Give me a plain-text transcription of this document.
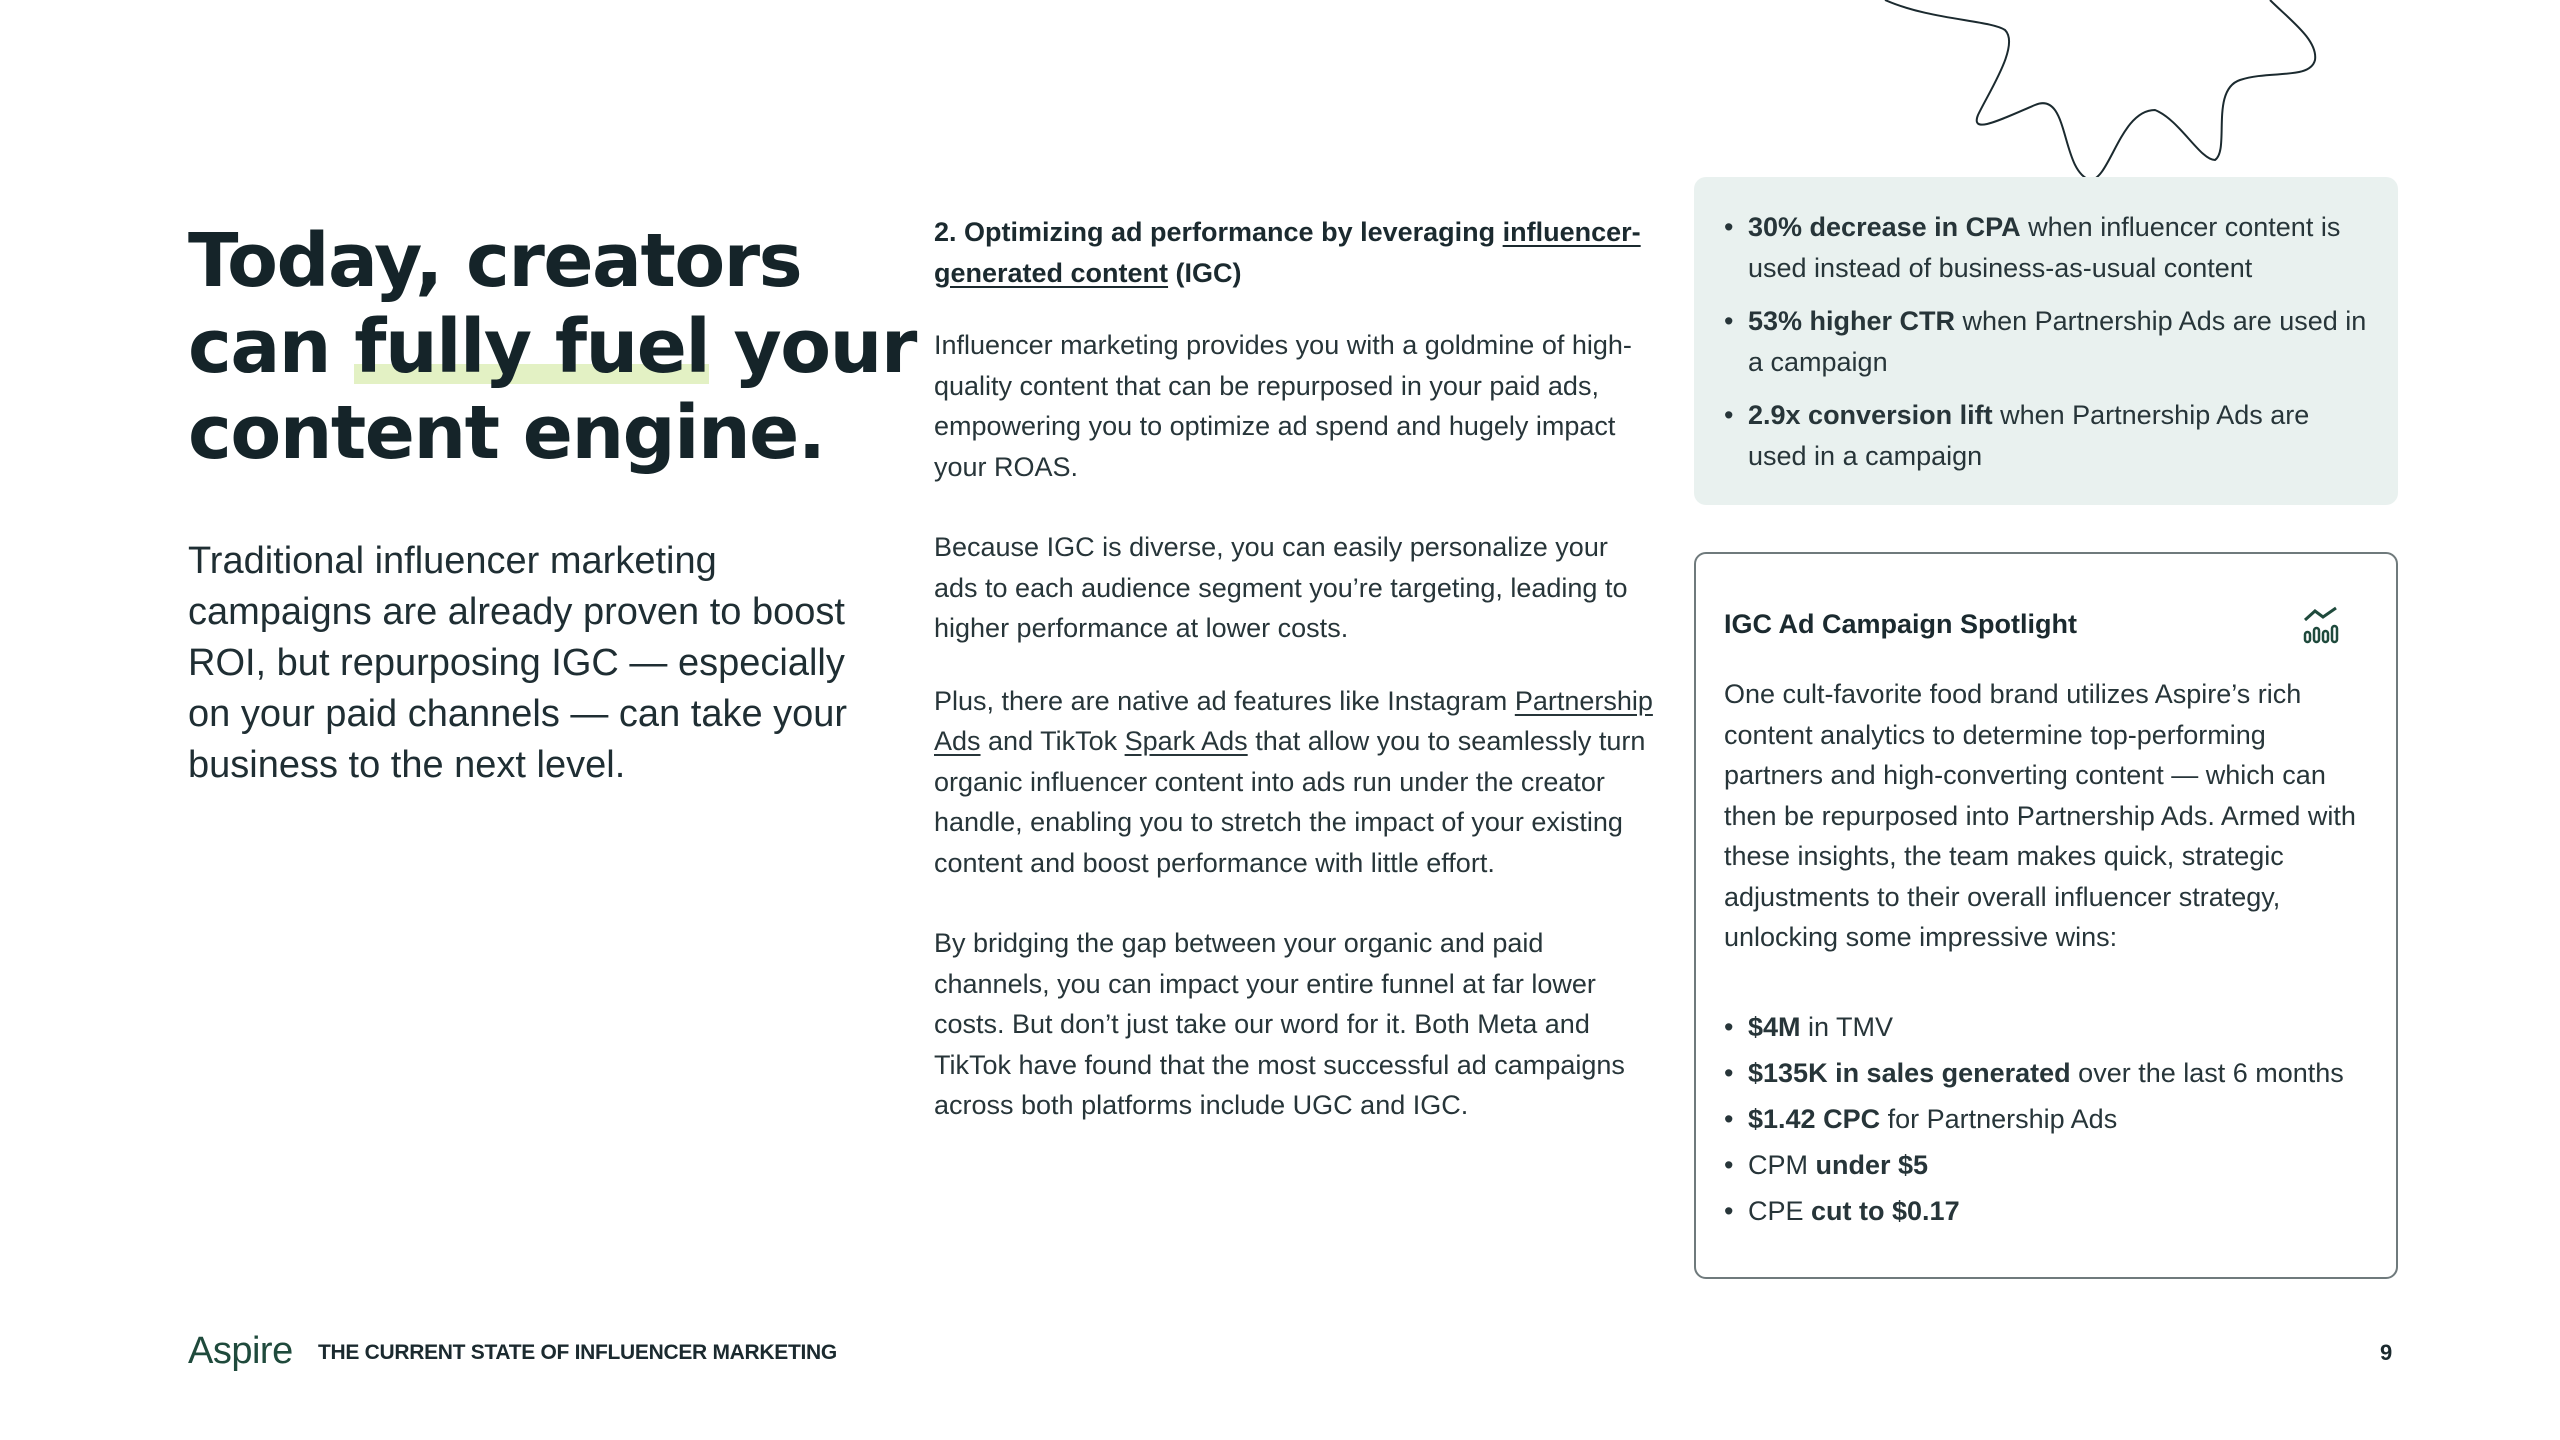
Today, creators
can fully fuel your
content engine.
Traditional influencer marketing campaigns are already proven to boost ROI, but repurposing IGC — especially on your paid channels — can take your business to the next level.
2. Optimizing ad performance by leveraging influencer-generated content (IGC)

Influencer marketing provides you with a goldmine of high-quality content that can be repurposed in your paid ads, empowering you to optimize ad spend and hugely impact your ROAS.

Because IGC is diverse, you can easily personalize your ads to each audience segment you’re targeting, leading to higher performance at lower costs.

Plus, there are native ad features like Instagram Partnership Ads and TikTok Spark Ads that allow you to seamlessly turn organic influencer content into ads run under the creator handle, enabling you to stretch the impact of your existing content and boost performance with little effort.

By bridging the gap between your organic and paid channels, you can impact your entire funnel at far lower costs. But don’t just take our word for it. Both Meta and TikTok have found that the most successful ad campaigns across both platforms include UGC and IGC.

• 30% decrease in CPA when influencer content is used instead of business-as-usual content
• 53% higher CTR when Partnership Ads are used in a campaign
• 2.9x conversion lift when Partnership Ads are used in a campaign
IGC Ad Campaign Spotlight

One cult-favorite food brand utilizes Aspire’s rich content analytics to determine top-performing partners and high-converting content — which can then be repurposed into Partnership Ads. Armed with these insights, the team makes quick, strategic adjustments to their overall influencer strategy, unlocking some impressive wins:

• $4M in TMV
• $135K in sales generated over the last 6 months
• $1.42 CPC for Partnership Ads
• CPM under $5
• CPE cut to $0.17
Aspire THE CURRENT STATE OF INFLUENCER MARKETING	9
